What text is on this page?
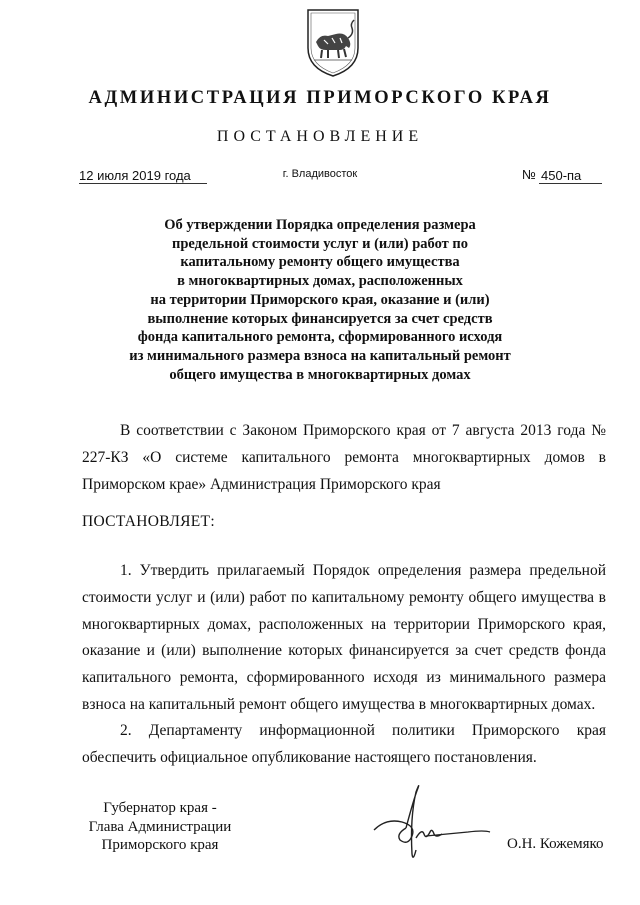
АДМИНИСТРАЦИЯ ПРИМОРСКОГО КРАЯ
ПОСТАНОВЛЕНИЕ
12 июля 2019 года	г. Владивосток	№ 450-па
Об утверждении Порядка определения размера
предельной стоимости услуг и (или) работ по
капитальному ремонту общего имущества
в многоквартирных домах, расположенных
на территории Приморского края, оказание и (или)
выполнение которых финансируется за счет средств
фонда капитального ремонта, сформированного исходя
из минимального размера взноса на капитальный ремонт
общего имущества в многоквартирных домах
В соответствии с Законом Приморского края от 7 августа 2013 года № 227-КЗ «О системе капитального ремонта многоквартирных домов в Приморском крае» Администрация Приморского края
ПОСТАНОВЛЯЕТ:
1. Утвердить прилагаемый Порядок определения размера предельной стоимости услуг и (или) работ по капитальному ремонту общего имущества в многоквартирных домах, расположенных на территории Приморского края, оказание и (или) выполнение которых финансируется за счет средств фонда капитального ремонта, сформированного исходя из минимального размера взноса на капитальный ремонт общего имущества в многоквартирных домах.
2. Департаменту информационной политики Приморского края обеспечить официальное опубликование настоящего постановления.
Губернатор края -
Глава Администрации
Приморского края	О.Н. Кожемяко
